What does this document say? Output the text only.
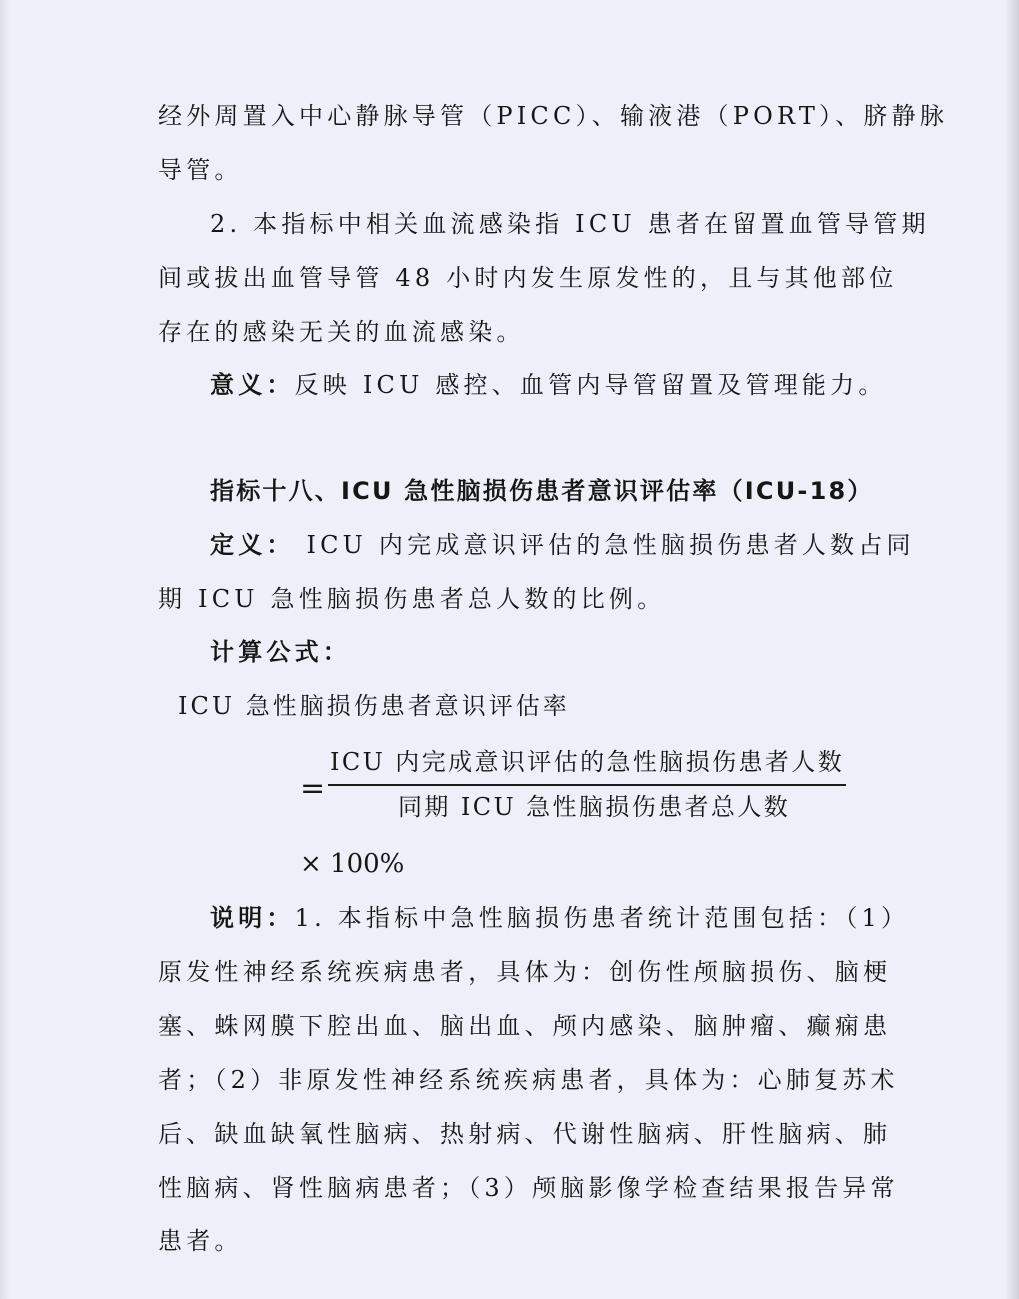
经外周置入中心静脉导管（PICC）、输液港（PORT）、脐静脉
导管。
2. 本指标中相关血流感染指 ICU 患者在留置血管导管期
间或拔出血管导管 48 小时内发生原发性的，且与其他部位
存在的感染无关的血流感染。
意义：反映 ICU 感控、血管内导管留置及管理能力。
指标十八、ICU 急性脑损伤患者意识评估率（ICU-18）
定义： ICU 内完成意识评估的急性脑损伤患者人数占同
期 ICU 急性脑损伤患者总人数的比例。
计算公式：
ICU 急性脑损伤患者意识评估率
=
ICU 内完成意识评估的急性脑损伤患者人数
同期 ICU 急性脑损伤患者总人数
× 100%
说明：1. 本指标中急性脑损伤患者统计范围包括：（1）
原发性神经系统疾病患者，具体为：创伤性颅脑损伤、脑梗
塞、蛛网膜下腔出血、脑出血、颅内感染、脑肿瘤、癫痫患
者；（2）非原发性神经系统疾病患者，具体为：心肺复苏术
后、缺血缺氧性脑病、热射病、代谢性脑病、肝性脑病、肺
性脑病、肾性脑病患者；（3）颅脑影像学检查结果报告异常
患者。
